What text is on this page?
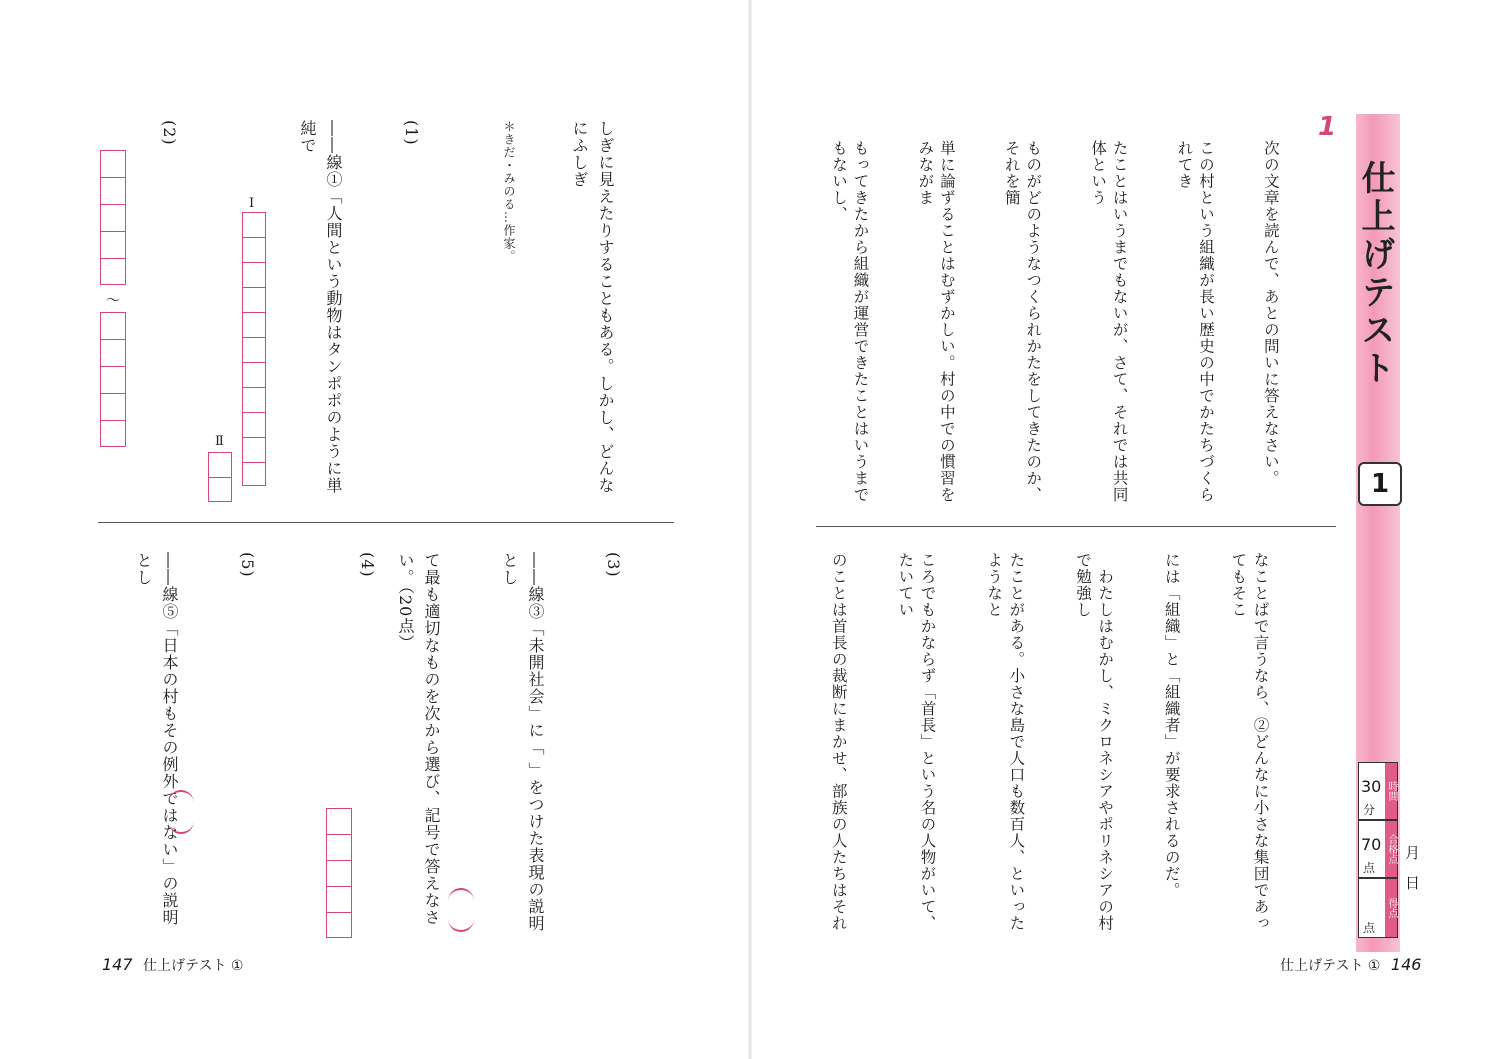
しぎに見えたりすることもある。しかし、どんなにふしぎ

＊きだ・みのる…作家。

(1)

――線①「人間という動物はタンポポのように単純で

Ⅰ
Ⅱ

(2)

～

(3)

――線③「未開社会」に「 」をつけた表現の説明とし

て最も適切なものを次から選び、記号で答えなさい。（20点）

(4)

(5)

――線⑤「日本の村もその例外ではない」の説明とし

147 仕上げテスト ①
仕上げテスト
1
30
分
時間
70
点
合格点
点
得点
月　日
1

次の文章を読んで、あとの問いに答えなさい。

この村という組織が長い歴史の中でかたちづくられてき

たことはいうまでもないが、さて、それでは共同体という

ものがどのようなつくられかたをしてきたのか、それを簡

単に論ずることはむずかしい。村の中での慣習をみながま

もってきたから組織が運営できたことはいうまでもないし、

なことばで言うなら、②どんなに小さな集団であってもそこ

には「組織」と「組織者」が要求されるのだ。

　わたしはむかし、ミクロネシアやポリネシアの村で勉強し

たことがある。小さな島で人口も数百人、といったようなと

ころでもかならず「首長」という名の人物がいて、たいてい

のことは首長の裁断にまかせ、部族の人たちはそれ

仕上げテスト ① 146
